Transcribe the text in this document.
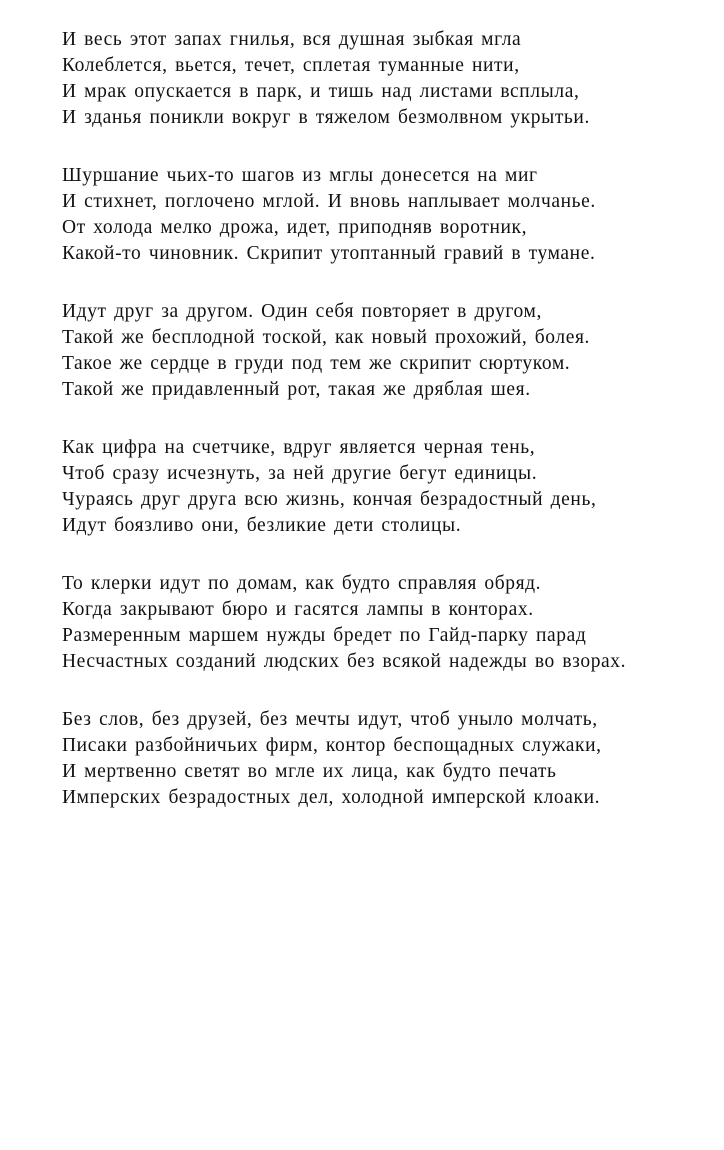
И весь этот запах гнилья, вся душная зыбкая мгла
Колеблется, вьется, течет, сплетая туманные нити,
И мрак опускается в парк, и тишь над листами всплыла,
И зданья поникли вокруг в тяжелом безмолвном укрытьи.
Шуршание чьих-то шагов из мглы донесется на миг
И стихнет, поглочено мглой. И вновь наплывает молчанье.
От холода мелко дрожа, идет, приподняв воротник,
Какой-то чиновник. Скрипит утоптанный гравий в тумане.
Идут друг за другом. Один себя повторяет в другом,
Такой же бесплодной тоской, как новый прохожий, болея.
Такое же сердце в груди под тем же скрипит сюртуком.
Такой же придавленный рот, такая же дряблая шея.
Как цифра на счетчике, вдруг является черная тень,
Чтоб сразу исчезнуть, за ней другие бегут единицы.
Чураясь друг друга всю жизнь, кончая безрадостный день,
Идут боязливо они, безликие дети столицы.
То клерки идут по домам, как будто справляя обряд.
Когда закрывают бюро и гасятся лампы в конторах.
Размеренным маршем нужды бредет по Гайд-парку парад
Несчастных созданий людских без всякой надежды во взорах.
Без слов, без друзей, без мечты идут, чтоб уныло молчать,
Писаки разбойничьих фирм, контор беспощадных служаки,
И мертвенно светят во мгле их лица, как будто печать
Имперских безрадостных дел, холодной имперской клоаки.
